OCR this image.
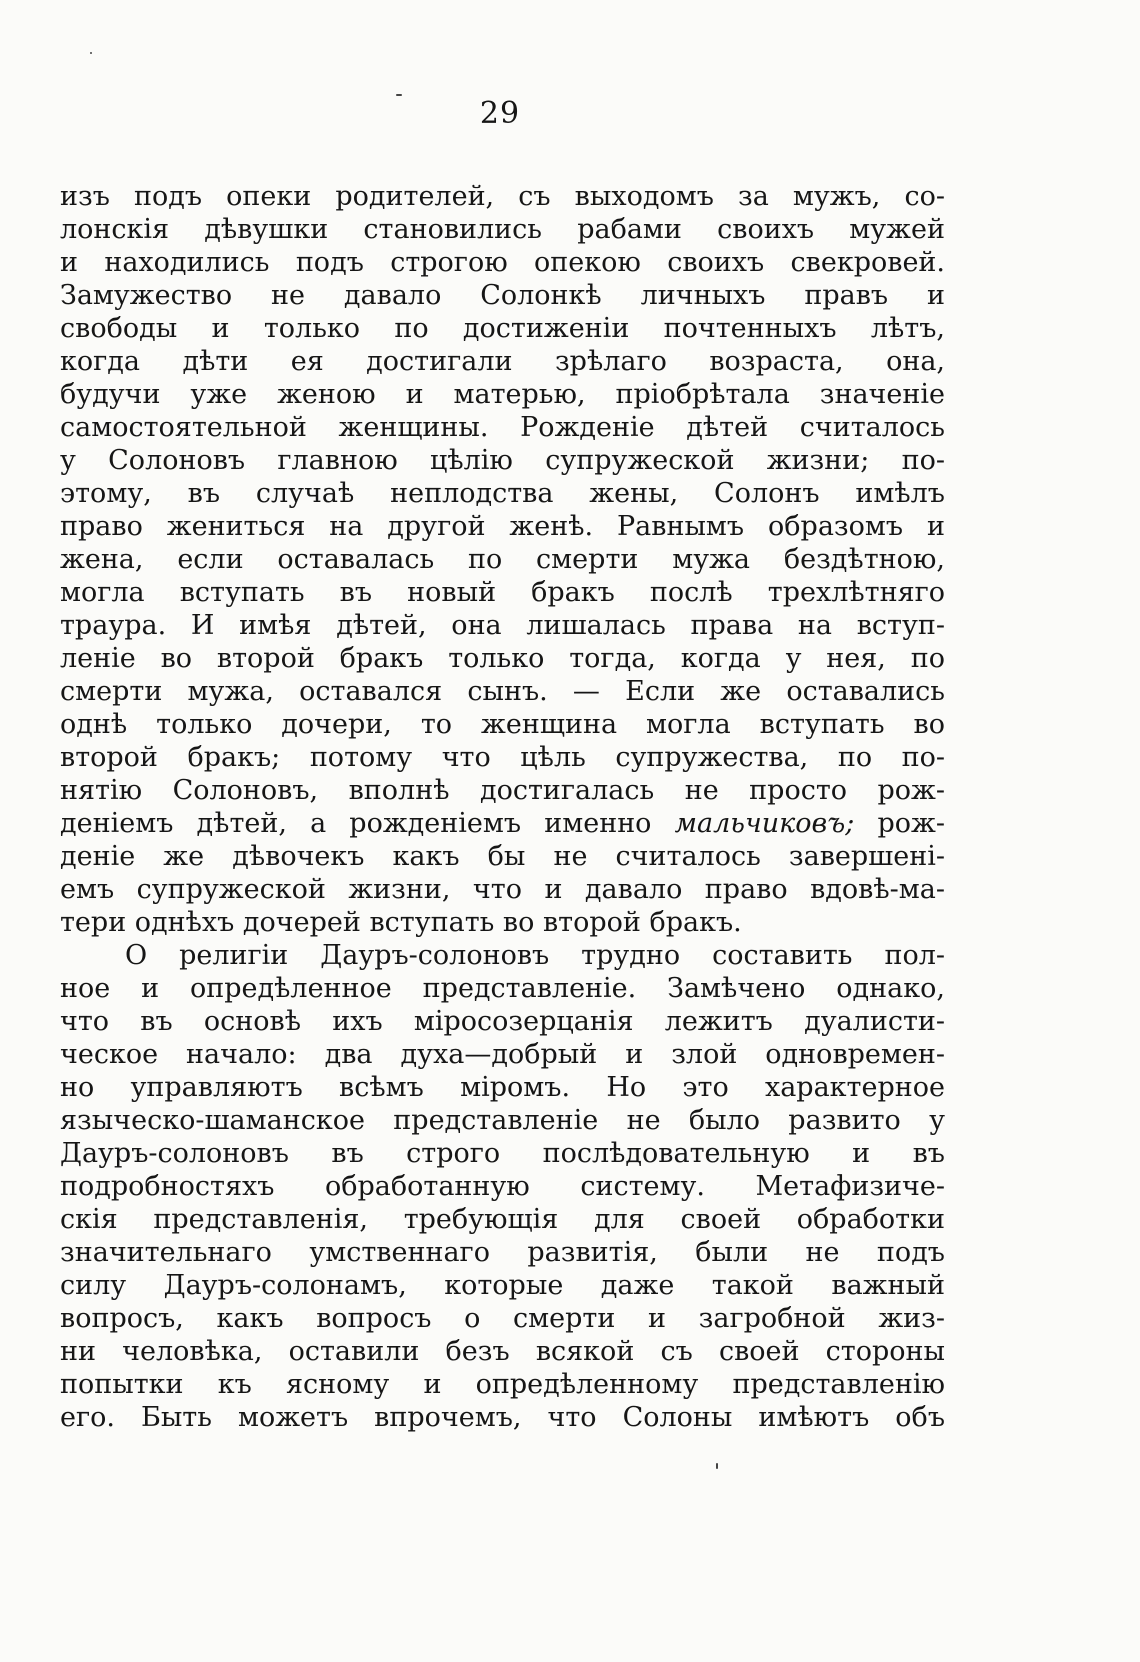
29
изъ подъ опеки родителей, съ выходомъ за мужъ, со-
лонскія дѣвушки становились рабами своихъ мужей
и находились подъ строгою опекою своихъ свекровей.
Замужество не давало Солонкѣ личныхъ правъ и
свободы и только по достиженіи почтенныхъ лѣтъ,
когда дѣти ея достигали зрѣлаго возраста, она,
будучи уже женою и матерью, пріобрѣтала значеніе
самостоятельной женщины. Рожденіе дѣтей считалось
у Солоновъ главною цѣлію супружеской жизни; по-
этому, въ случаѣ неплодства жены, Солонъ имѣлъ
право жениться на другой женѣ. Равнымъ образомъ и
жена, если оставалась по смерти мужа бездѣтною,
могла вступать въ новый бракъ послѣ трехлѣтняго
траура. И имѣя дѣтей, она лишалась права на вступ-
леніе во второй бракъ только тогда, когда у нея, по
смерти мужа, оставался сынъ. — Если же оставались
однѣ только дочери, то женщина могла вступать во
второй бракъ; потому что цѣль супружества, по по-
нятію Солоновъ, вполнѣ достигалась не просто рож-
деніемъ дѣтей, а рожденіемъ именно мальчиковъ; рож-
деніе же дѣвочекъ какъ бы не считалось завершені-
емъ супружеской жизни, что и давало право вдовѣ-ма-
тери однѣхъ дочерей вступать во второй бракъ.
О религіи Дауръ-солоновъ трудно составить пол-
ное и опредѣленное представленіе. Замѣчено однако,
что въ основѣ ихъ міросозерцанія лежитъ дуалисти-
ческое начало: два духа—добрый и злой одновремен-
но управляютъ всѣмъ міромъ. Но это характерное
языческо-шаманское представленіе не было развито у
Дауръ-солоновъ въ строго послѣдовательную и въ
подробностяхъ обработанную систему. Метафизиче-
скія представленія, требующія для своей обработки
значительнаго умственнаго развитія, были не подъ
силу Дауръ-солонамъ, которые даже такой важный
вопросъ, какъ вопросъ о смерти и загробной жиз-
ни человѣка, оставили безъ всякой съ своей стороны
попытки къ ясному и опредѣленному представленію
его. Быть можетъ впрочемъ, что Солоны имѣютъ объ
